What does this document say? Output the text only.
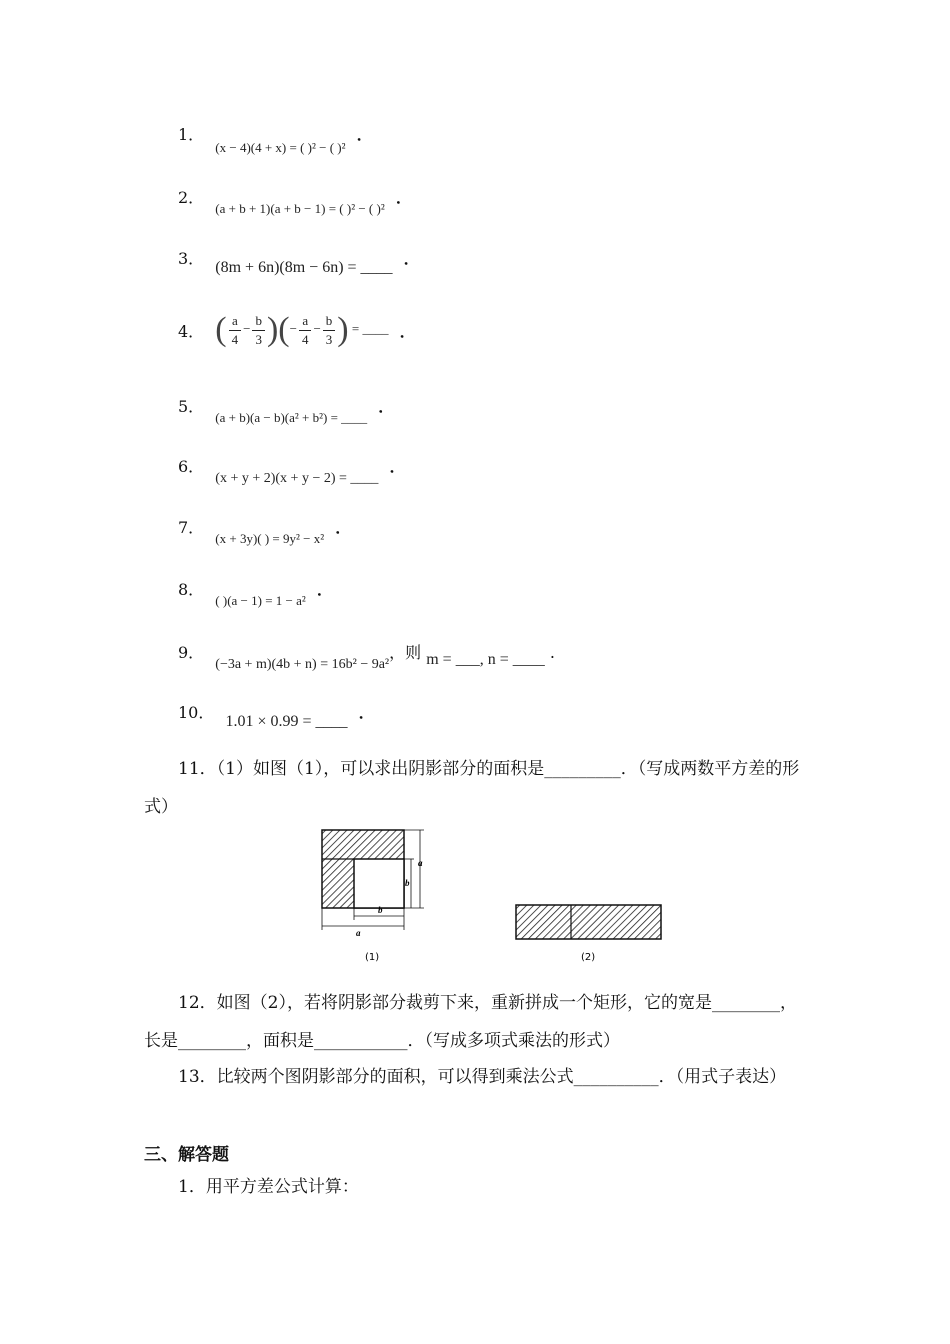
1． (x − 4)(4 + x) = ( )² − ( )² ．
2． (a + b + 1)(a + b − 1) = ( )² − ( )² ．
3． (8m + 6n)(8m − 6n) = ____ ．
4． ( $\frac{a}{4} - \frac{b}{3}$ )(− $\frac{a}{4} - \frac{b}{3}$ ) = ____ ．
5． (a + b)(a − b)(a² + b²) = ____ ．
6． (x + y + 2)(x + y − 2) = ____ ．
7． (x + 3y)( ) = 9y² − x² ．
8． ( )(a − 1) = 1 − a² ．
9． (−3a + m)(4b + n) = 16b² − 9a²，则 m = ___, n = ____ .
10． 1.01 × 0.99 = ____ ．
11．（1）如图（1），可以求出阴影部分的面积是_________．（写成两数平方差的形式）
a
b
b
a
(1)	(2)
12．如图（2），若将阴影部分裁剪下来，重新拼成一个矩形，它的宽是________，长是________，面积是___________．（写成多项式乘法的形式）
13．比较两个图阴影部分的面积，可以得到乘法公式__________．（用式子表达）
三、解答题
1．用平方差公式计算：
